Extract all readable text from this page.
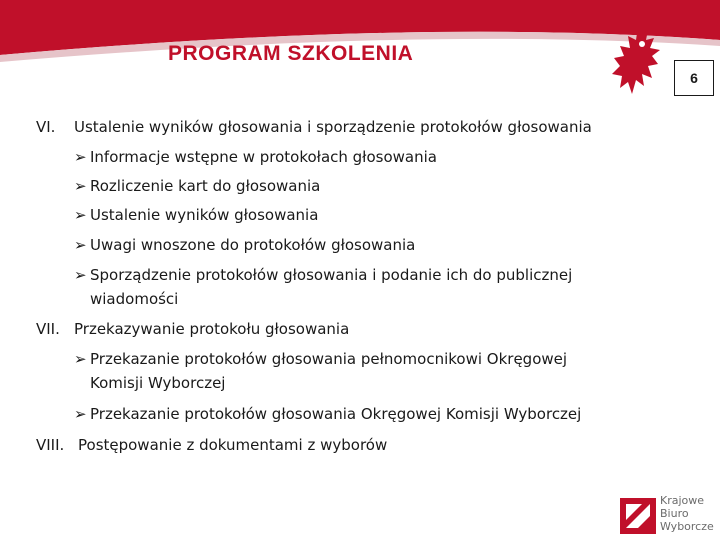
PROGRAM SZKOLENIA
6
VI. Ustalenie wyników głosowania i sporządzenie protokołów głosowania
➢ Informacje wstępne w protokołach głosowania
➢ Rozliczenie kart do głosowania
➢ Ustalenie wyników głosowania
➢ Uwagi wnoszone do protokołów głosowania
➢ Sporządzenie protokołów głosowania i podanie ich do publicznej
wiadomości
VII. Przekazywanie protokołu głosowania
➢ Przekazanie protokołów głosowania pełnomocnikowi Okręgowej
Komisji Wyborczej
➢ Przekazanie protokołów głosowania Okręgowej Komisji Wyborczej
VIII. Postępowanie z dokumentami z wyborów
Krajowe
Biuro
Wyborcze
